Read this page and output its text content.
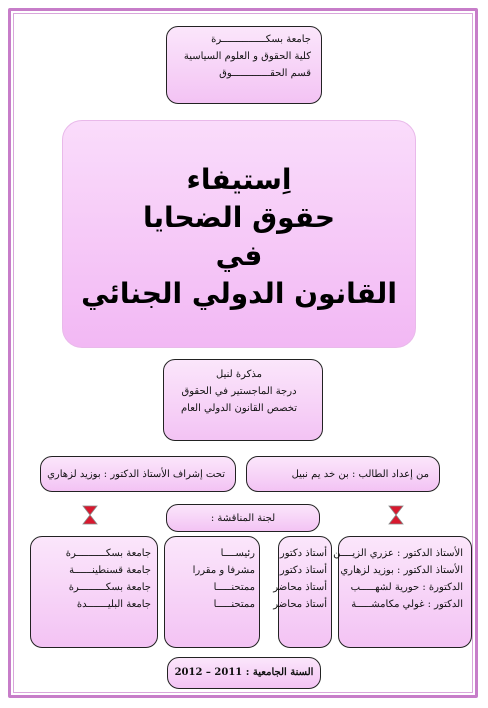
جامعة بسكـــــــــــــــرة
كلية الحقوق و العلوم السياسية
قسم الحقـــــــــــــوق
اِستيفاء
حقوق الضحايا
في
القانون الدولي الجنائي
مذكرة لنيل
درجة الماجستير في الحقوق
تخصص القانون الدولي العام
من إعداد الطالب : بن خد يم نبيل
تحت إشراف الأستاذ الدكتور : بوزيد لزهاري
لجنة المناقشة :
الأستاذ الدكتور : عزري الزيــــن
الأستاذ الدكتور : بوزيد لزهاري
الدكتورة : حورية لشهـــــب
الدكتور : غولي مكامشـــــة
أستاذ دكتور
أستاذ دكتور
أستاذ محاضر
أستاذ محاضر
رئيســــا
مشرفا و مقررا
ممتحنـــــا
ممتحنـــــا
جامعة بسكــــــــــرة
جامعة قسنطينــــــة
جامعة بسكـــــــــرة
جامعة البليـــــــدة
السنة الجامعية : 2011 – 2012
